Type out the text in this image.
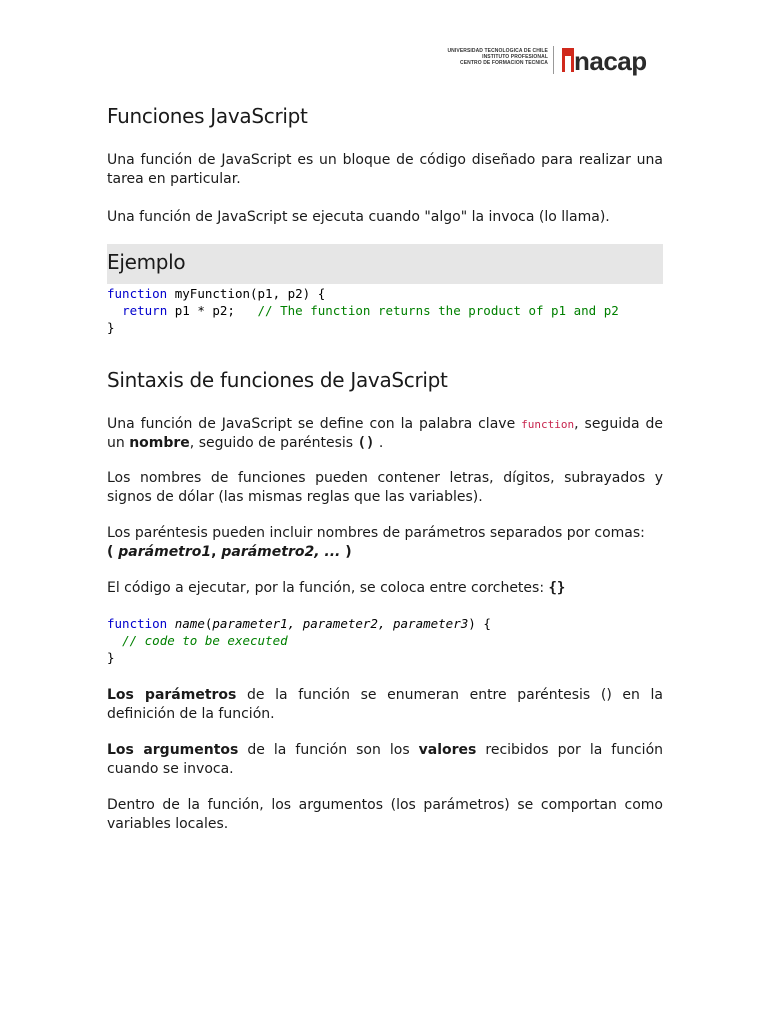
UNIVERSIDAD TECNOLOGICA DE CHILE
INSTITUTO PROFESIONAL
CENTRO DE FORMACION TECNICA nacap
Funciones JavaScript

Una función de JavaScript es un bloque de código diseñado para realizar una tarea en particular.

Una función de JavaScript se ejecuta cuando "algo" la invoca (lo llama).

Ejemplo
function myFunction(p1, p2) {
return p1 * p2;   // The function returns the product of p1 and p2
}
Sintaxis de funciones de JavaScript

Una función de JavaScript se define con la palabra clave function, seguida de un nombre, seguido de paréntesis () .

Los nombres de funciones pueden contener letras, dígitos, subrayados y signos de dólar (las mismas reglas que las variables).

Los paréntesis pueden incluir nombres de parámetros separados por comas:
( parámetro1, parámetro2, ... )

El código a ejecutar, por la función, se coloca entre corchetes: {}

function name(parameter1, parameter2, parameter3) {
// code to be executed
}

Los parámetros de la función se enumeran entre paréntesis () en la definición de la función.

Los argumentos de la función son los valores recibidos por la función cuando se invoca.

Dentro de la función, los argumentos (los parámetros) se comportan como variables locales.
